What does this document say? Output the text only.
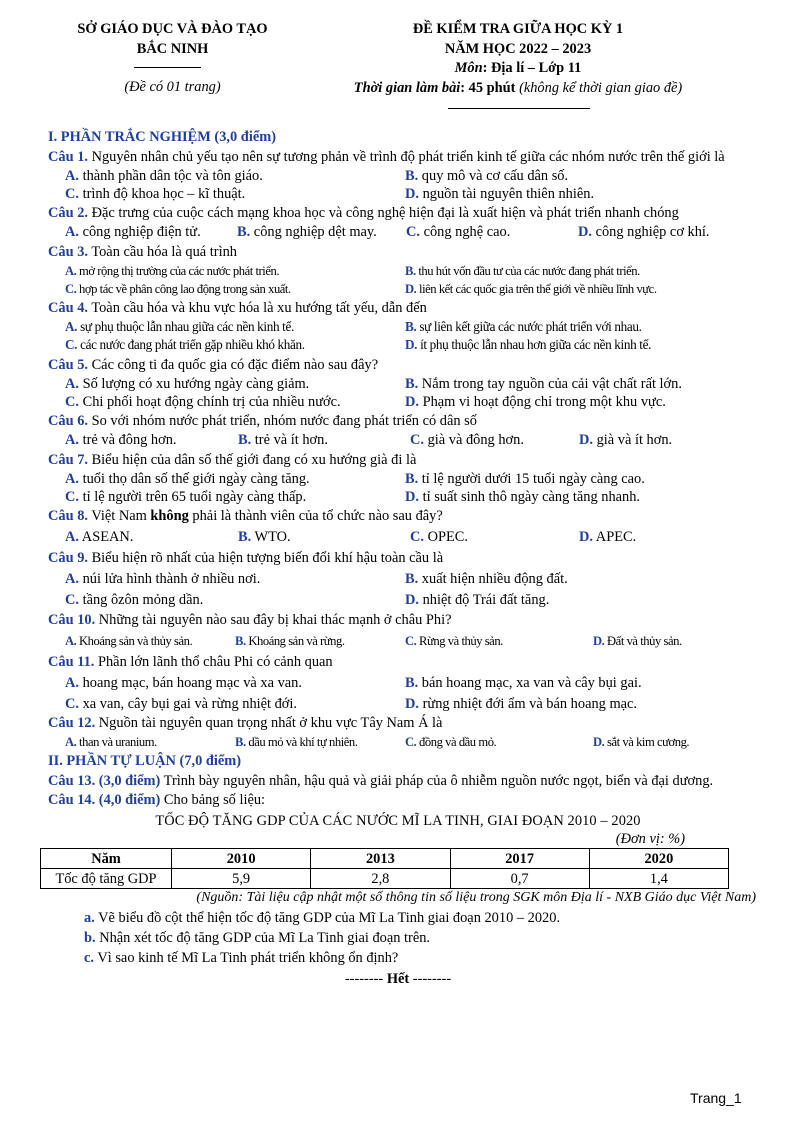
SỞ GIÁO DỤC VÀ ĐÀO TẠO
BẮC NINH
(Đề có 01 trang)
ĐỀ KIỂM TRA GIỮA HỌC KỲ 1
NĂM HỌC 2022 – 2023
Môn: Địa lí – Lớp 11
Thời gian làm bài: 45 phút (không kể thời gian giao đề)

I. PHẦN TRẮC NGHIỆM (3,0 điểm)

Câu 1. Nguyên nhân chủ yếu tạo nên sự tương phản về trình độ phát triển kinh tế giữa các nhóm nước trên thế giới là

A. thành phần dân tộc và tôn giáo.	B. quy mô và cơ cấu dân số.
C. trình độ khoa học – kĩ thuật.	D. nguồn tài nguyên thiên nhiên.

Câu 2. Đặc trưng của cuộc cách mạng khoa học và công nghệ hiện đại là xuất hiện và phát triển nhanh chóng

A. công nghiệp điện tử.	B. công nghiệp dệt may.	C. công nghệ cao.	D. công nghiệp cơ khí.

Câu 3. Toàn cầu hóa là quá trình

A. mở rộng thị trường của các nước phát triển.	B. thu hút vốn đầu tư của các nước đang phát triển.
C. hợp tác về phân công lao động trong sản xuất.	D. liên kết các quốc gia trên thế giới về nhiều lĩnh vực.

Câu 4. Toàn cầu hóa và khu vực hóa là xu hướng tất yếu, dẫn đến

A. sự phụ thuộc lẫn nhau giữa các nền kinh tế.	B. sự liên kết giữa các nước phát triển với nhau.
C. các nước đang phát triển gặp nhiều khó khăn.	D. ít phụ thuộc lẫn nhau hơn giữa các nền kinh tế.

Câu 5. Các công ti đa quốc gia có đặc điểm nào sau đây?

A. Số lượng có xu hướng ngày càng giảm.	B. Nắm trong tay nguồn của cải vật chất rất lớn.
C. Chi phối hoạt động chính trị của nhiều nước.	D. Phạm vi hoạt động chỉ trong một khu vực.

Câu 6. So với nhóm nước phát triển, nhóm nước đang phát triển có dân số

A. trẻ và đông hơn.	B. trẻ và ít hơn.	C. già và đông hơn.	D. già và ít hơn.

Câu 7. Biểu hiện của dân số thế giới đang có xu hướng già đi là

A. tuổi thọ dân số thế giới ngày càng tăng.	B. tỉ lệ người dưới 15 tuổi ngày càng cao.
C. tỉ lệ người trên 65 tuổi ngày càng thấp.	D. tỉ suất sinh thô ngày càng tăng nhanh.

Câu 8. Việt Nam không phải là thành viên của tổ chức nào sau đây?

A. ASEAN.	B. WTO.	C. OPEC.	D. APEC.

Câu 9. Biểu hiện rõ nhất của hiện tượng biến đổi khí hậu toàn cầu là

A. núi lửa hình thành ở nhiều nơi.	B. xuất hiện nhiều động đất.
C. tầng ôzôn mỏng dần.	D. nhiệt độ Trái đất tăng.

Câu 10. Những tài nguyên nào sau đây bị khai thác mạnh ở châu Phi?

A. Khoáng sản và thủy sản.	B. Khoáng sản và rừng.	C. Rừng và thủy sản.	D. Đất và thủy sản.

Câu 11. Phần lớn lãnh thổ châu Phi có cảnh quan

A. hoang mạc, bán hoang mạc và xa van.	B. bán hoang mạc, xa van và cây bụi gai.
C. xa van, cây bụi gai và rừng nhiệt đới.	D. rừng nhiệt đới ẩm và bán hoang mạc.

Câu 12. Nguồn tài nguyên quan trọng nhất ở khu vực Tây Nam Á là

A. than và uranium.	B. dầu mỏ và khí tự nhiên.	C. đồng và dầu mỏ.	D. sắt và kim cương.

II. PHẦN TỰ LUẬN (7,0 điểm)

Câu 13. (3,0 điểm) Trình bày nguyên nhân, hậu quả và giải pháp của ô nhiễm nguồn nước ngọt, biển và đại dương.

Câu 14. (4,0 điểm) Cho bảng số liệu:

TỐC ĐỘ TĂNG GDP CỦA CÁC NƯỚC MĨ LA TINH, GIAI ĐOẠN 2010 – 2020
(Đơn vị: %)
Năm	2010	2013	2017	2020
Tốc độ tăng GDP	5,9	2,8	0,7	1,4
(Nguồn: Tài liệu cập nhật một số thông tin số liệu trong SGK môn Địa lí - NXB Giáo dục Việt Nam)
a. Vẽ biểu đồ cột thể hiện tốc độ tăng GDP của Mĩ La Tinh giai đoạn 2010 – 2020.
b. Nhận xét tốc độ tăng GDP của Mĩ La Tinh giai đoạn trên.
c. Vì sao kinh tế Mĩ La Tinh phát triển không ổn định?
-------- Hết --------
Trang_1
